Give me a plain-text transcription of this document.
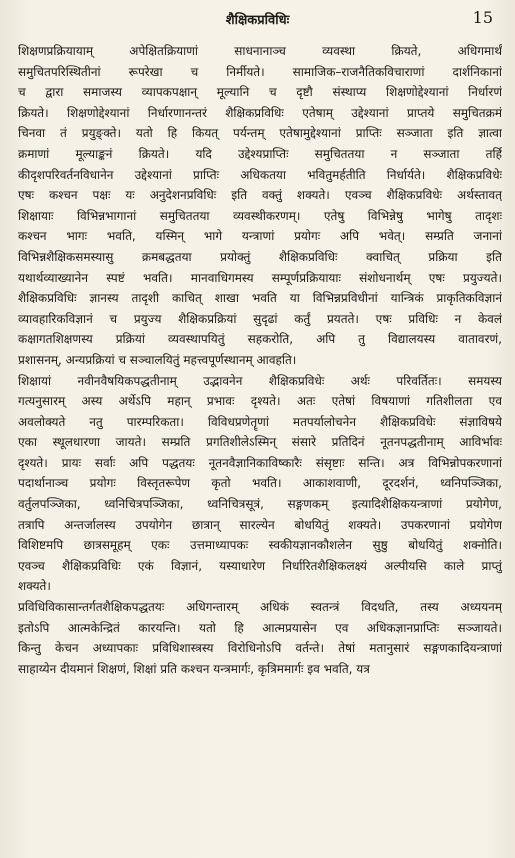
शैक्षिकप्रविधिः	15
शिक्षणप्रक्रियायाम् अपेक्षितक्रियाणां साधनानाञ्च व्यवस्था क्रियते, अधिगमार्थं
समुचितपरिस्थितीनां रूपरेखा च निर्मीयते। सामाजिक–राजनैतिकविचाराणां दार्शनिकानां
च द्वारा समाजस्य व्यापकपक्षान् मूल्यानि च दृष्टौ संस्थाप्य शिक्षणोद्देश्यानां निर्धारणं
क्रियते। शिक्षणोद्देश्यानां निर्धारणानन्तरं शैक्षिकप्रविधिः एतेषाम् उद्देश्यानां प्राप्तये समुचितक्रमं
चिनवा तं प्रयुङ्क्ते। यतो हि कियत् पर्यन्तम् एतेषामुद्देश्यानां प्राप्तिः सञ्जाता इति ज्ञात्वा
क्रमाणां मूल्याङ्कनं क्रियते। यदि उद्देश्यप्राप्तिः समुचिततया न सञ्जाता तर्हि
कीदृशपरिवर्तनविधानेन उद्देश्यानां प्राप्तिः अधिकतया भवितुमर्हतीति निर्धार्यते। शैक्षिकप्रविधेः
एषः कश्चन पक्षः यः अनुदेशनप्रविधिः इति वक्तुं शक्यते। एवञ्च शैक्षिकप्रविधेः अर्थस्तावत्
शिक्षायाः विभिन्नभागानां समुचिततया व्यवस्थीकरणम्। एतेषु विभिन्नेषु भागेषु तादृशः
कश्चन भागः भवति, यस्मिन् भागे यन्त्राणां प्रयोगः अपि भवेत्। सम्प्रति जनानां
विभिन्नशैक्षिकसमस्यासु क्रमबद्धतया प्रयोक्तुं शैक्षिकप्रविधिः क्वाचित् प्रक्रिया इति
यथार्थव्याख्यानेन स्पष्टं भवति। मानवाधिगमस्य सम्पूर्णप्रक्रियायाः संशोधनार्थम् एषः प्रयुज्यते।
शैक्षिकप्रविधिः ज्ञानस्य तादृशी काचित् शाखा भवति या विभिन्नप्रविधीनां यान्त्रिकं प्राकृतिकविज्ञानं
व्यावहारिकविज्ञानं च प्रयुज्य शैक्षिकप्रक्रियां सुदृढां कर्तुं प्रयतते। एषः प्रविधिः न केवलं
कक्षागतशिक्षणस्य प्रक्रियां व्यवस्थापयितुं सहकरोति, अपि तु विद्यालयस्य वातावरणं,
प्रशासनम्, अन्यप्रक्रियां च सञ्चालयितुं महत्त्वपूर्णस्थानम् आवहति।
शिक्षायां नवीनवैषयिकपद्धतीनाम् उद्भावनेन शैक्षिकप्रविधेः अर्थः परिवर्तितः। समयस्य
गत्यनुसारम् अस्य अर्थेऽपि महान् प्रभावः दृश्यते। अतः एतेषां विषयाणां गतिशीलता एव
अवलोक्यते नतु पारम्परिकता। विविधप्रणेतॄणां मतपर्यालोचनेन शैक्षिकप्रविधेः संज्ञाविषये
एका स्थूलधारणा जायते। सम्प्रति प्रगतिशीलेऽस्मिन् संसारे प्रतिदिनं नूतनपद्धतीनाम् आविर्भावः
दृश्यते। प्रायः सर्वाः अपि पद्धतयः नूतनवैज्ञानिकाविष्कारैः संसृष्टाः सन्ति। अत्र विभिन्नोपकरणानां
पदार्थानाञ्च प्रयोगः विस्तृतरूपेण कृतो भवति। आकाशवाणी, दूरदर्शनं, ध्वनिपञ्जिका,
वर्तुलपञ्जिका, ध्वनिचित्रपञ्जिका, ध्वनिचित्रसूत्रं, सङ्गणकम् इत्यादिशैक्षिकयन्त्राणां प्रयोगेण,
तत्रापि अन्तर्जालस्य उपयोगेन छात्रान् सारल्येन बोधयितुं शक्यते। उपकरणानां प्रयोगेण
विशिष्टमपि छात्रसमूहम् एकः उत्तमाध्यापकः स्वकीयज्ञानकौशलेन सुष्ठु बोधयितुं शक्नोति।
एवञ्च शैक्षिकप्रविधिः एकं विज्ञानं, यस्याधारेण निर्धारितशैक्षिकलक्ष्यं अल्पीयसि काले प्राप्तुं
शक्यते।
प्रविधिविकासान्तर्गतशैक्षिकपद्धतयः अधिगन्तारम् अधिकं स्वतन्त्रं विदधति, तस्य अध्ययनम्
इतोऽपि आत्मकेन्द्रितं कारयन्ति। यतो हि आत्मप्रयासेन एव अधिकज्ञानप्राप्तिः सञ्जायते।
किन्तु केचन अध्यापकाः प्रविधिशास्त्रस्य विरोधिनोऽपि वर्तन्ते। तेषां मतानुसारं सङ्गणकादियन्त्राणां
साहाय्येन दीयमानं शिक्षणं, शिक्षां प्रति कश्चन यन्त्रमार्गः, कृत्रिममार्गः इव भवति, यत्र
